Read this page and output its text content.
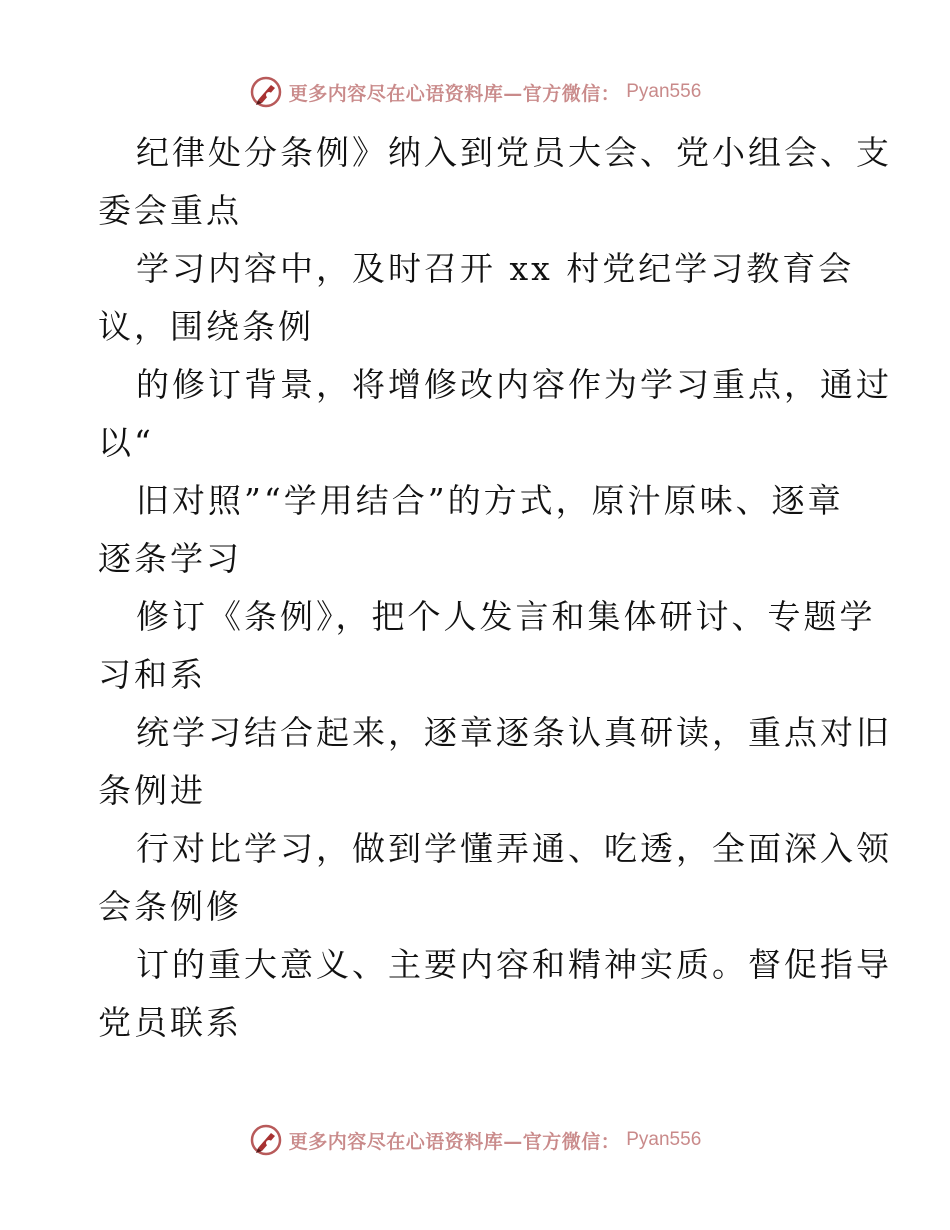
更多内容尽在心语资料库—官方微信： Pyan556
纪律处分条例》纳入到党员大会、党小组会、支
委会重点
学习内容中，及时召开 xx 村党纪学习教育会
议，围绕条例
的修订背景，将增修改内容作为学习重点，通过
以“
旧对照”“学用结合”的方式，原汁原味、逐章
逐条学习
修订《条例》，把个人发言和集体研讨、专题学
习和系
统学习结合起来，逐章逐条认真研读，重点对旧
条例进
行对比学习，做到学懂弄通、吃透，全面深入领
会条例修
订的重大意义、主要内容和精神实质。督促指导
党员联系
更多内容尽在心语资料库—官方微信： Pyan556
